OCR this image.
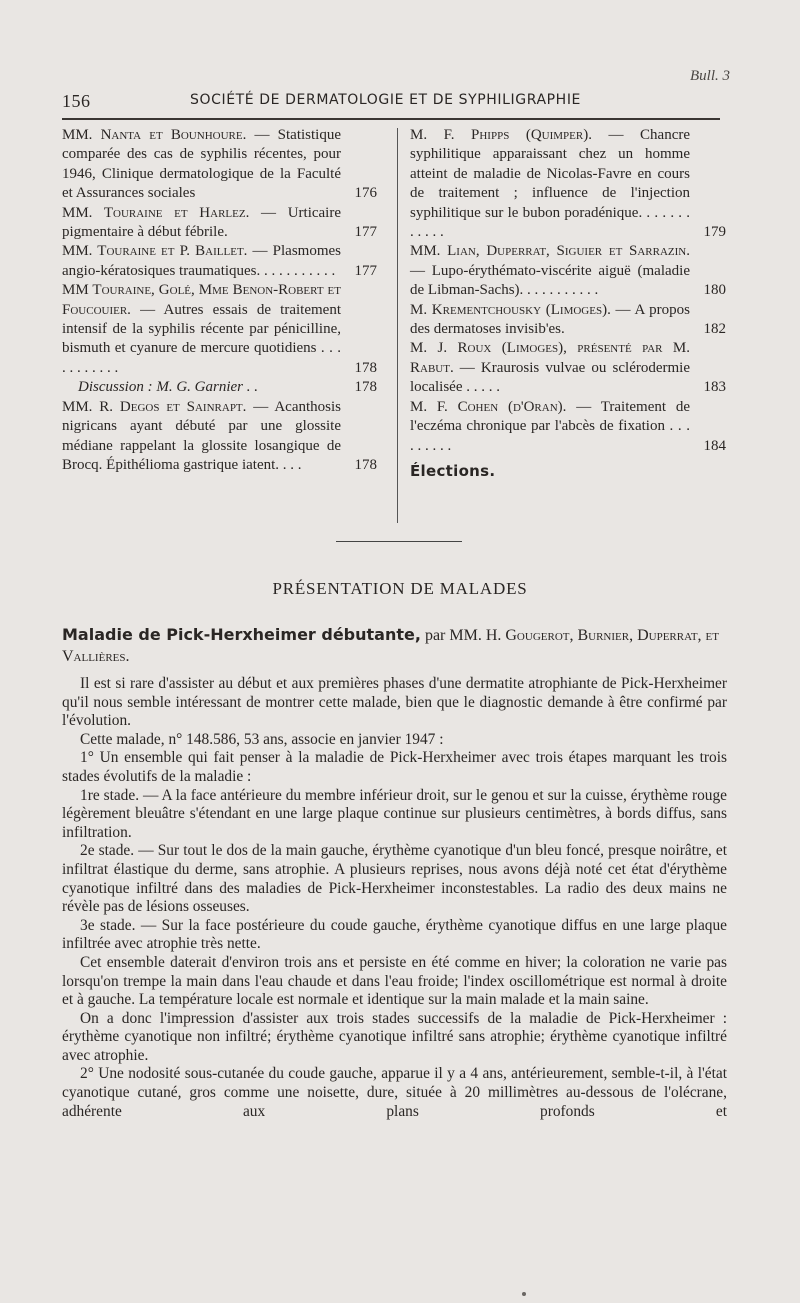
Bull. 3
156	SOCIÉTÉ DE DERMATOLOGIE ET DE SYPHILIGRAPHIE
MM. Nanta et Bounhoure. — Statistique comparée des cas de syphilis récentes, pour 1946, Clinique dermatologique de la Faculté et Assurances sociales	176
MM. Touraine et Harlez. — Urticaire pigmentaire à début fébrile.	177
MM. Touraine et P. Baillet. — Plasmomes angio-kératosiques traumatiques. . . . . . . . . . .	177
MM Touraine, Golé, Mme Benon-Robert et Foucouier. — Autres essais de traitement intensif de la syphilis récente par pénicilline, bismuth et cyanure de mercure quotidiens . . . . . . . . . . .	178
Discussion : M. G. Garnier . .	178
MM. R. Degos et Sainrapt. — Acanthosis nigricans ayant débuté par une glossite médiane rappelant la glossite losangique de Brocq. Épithélioma gastrique iatent. . . .	178
M. F. Phipps (Quimper). — Chancre syphilitique apparaissant chez un homme atteint de maladie de Nicolas-Favre en cours de traitement ; influence de l'injection syphilitique sur le bubon poradénique. . . . . . . . . . . .	179
MM. Lian, Duperrat, Siguier et Sarrazin. — Lupo-érythémato-viscérite aiguë (maladie de Libman-Sachs). . . . . . . . . . .	180
M. Krementchousky (Limoges). — A propos des dermatoses invisib'es.	182
M. J. Roux (Limoges), présenté par M. Rabut. — Kraurosis vulvae ou sclérodermie localisée . . . . .	183
M. F. Cohen (d'Oran). — Traitement de l'eczéma chronique par l'abcès de fixation . . . . . . . . .	184
Élections.
PRÉSENTATION DE MALADES
Maladie de Pick-Herxheimer débutante, par MM. H. Gougerot, Burnier, Duperrat, et Vallières.

Il est si rare d'assister au début et aux premières phases d'une dermatite atrophiante de Pick-Herxheimer qu'il nous semble intéressant de montrer cette malade, bien que le diagnostic demande à être confirmé par l'évolution.

Cette malade, n° 148.586, 53 ans, associe en janvier 1947 :

1° Un ensemble qui fait penser à la maladie de Pick-Herxheimer avec trois étapes marquant les trois stades évolutifs de la maladie :

1re stade. — A la face antérieure du membre inférieur droit, sur le genou et sur la cuisse, érythème rouge légèrement bleuâtre s'étendant en une large plaque continue sur plusieurs centimètres, à bords diffus, sans infiltration.

2e stade. — Sur tout le dos de la main gauche, érythème cyanotique d'un bleu foncé, presque noirâtre, et infiltrat élastique du derme, sans atrophie. A plusieurs reprises, nous avons déjà noté cet état d'érythème cyanotique infiltré dans des maladies de Pick-Herxheimer inconstestables. La radio des deux mains ne révèle pas de lésions osseuses.

3e stade. — Sur la face postérieure du coude gauche, érythème cyanotique diffus en une large plaque infiltrée avec atrophie très nette.

Cet ensemble daterait d'environ trois ans et persiste en été comme en hiver; la coloration ne varie pas lorsqu'on trempe la main dans l'eau chaude et dans l'eau froide; l'index oscillométrique est normal à droite et à gauche. La température locale est normale et identique sur la main malade et la main saine.

On a donc l'impression d'assister aux trois stades successifs de la maladie de Pick-Herxheimer : érythème cyanotique non infiltré; érythème cyanotique infiltré sans atrophie; érythème cyanotique infiltré avec atrophie.

2° Une nodosité sous-cutanée du coude gauche, apparue il y a 4 ans, antérieurement, semble-t-il, à l'état cyanotique cutané, gros comme une noisette, dure, située à 20 millimètres au-dessous de l'olécrane, adhérente aux plans profonds et
